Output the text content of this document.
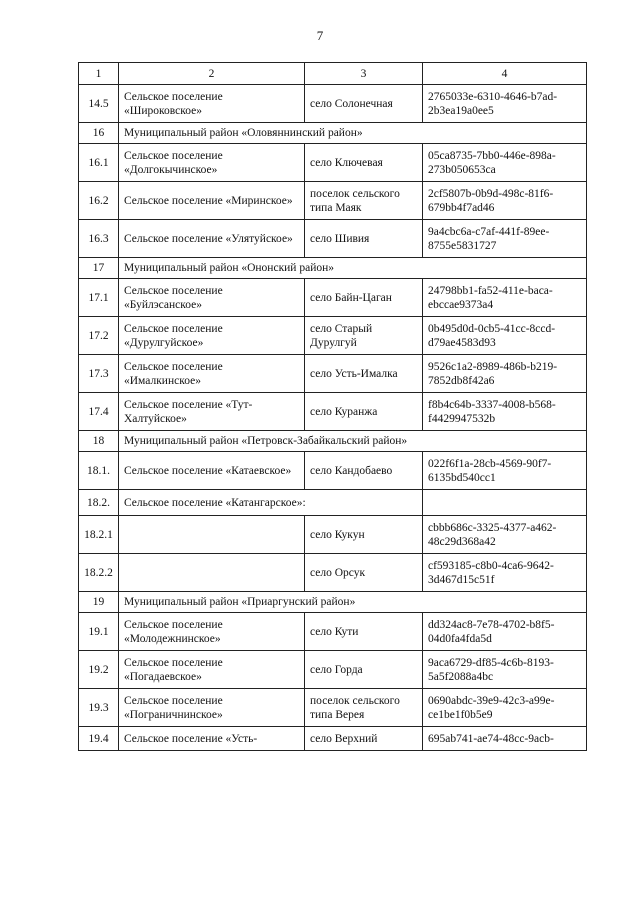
7
1	2	3	4
14.5	Сельское поселение «Широковское»	село Солонечная	2765033e-6310-4646-b7ad-2b3ea19a0ee5
16	Муниципальный район «Оловяннинский район»		
16.1	Сельское поселение «Долгокычинское»	село Ключевая	05ca8735-7bb0-446e-898a-273b050653ca
16.2	Сельское поселение «Миринское»	поселок сельского типа Маяк	2cf5807b-0b9d-498c-81f6-679bb4f7ad46
16.3	Сельское поселение «Улятуйское»	село Шивия	9a4cbc6a-c7af-441f-89ee-8755e5831727
17	Муниципальный район «Ононский район»		
17.1	Сельское поселение «Буйлэсанское»	село Байн-Цаган	24798bb1-fa52-411e-baca-ebccae9373a4
17.2	Сельское поселение «Дурулгуйское»	село Старый Дурулгуй	0b495d0d-0cb5-41cc-8ccd-d79ae4583d93
17.3	Сельское поселение «Ималкинское»	село Усть-Ималка	9526c1a2-8989-486b-b219-7852db8f42a6
17.4	Сельское поселение «Тут-Халтуйское»	село Куранжа	f8b4c64b-3337-4008-b568-f4429947532b
18	Муниципальный район «Петровск-Забайкальский район»		
18.1.	Сельское поселение «Катаевское»	село Кандобаево	022f6f1a-28cb-4569-90f7-6135bd540cc1
18.2.	Сельское поселение «Катангарское»:		
18.2.1		село Кукун	cbbb686c-3325-4377-a462-48c29d368a42
18.2.2		село Орсук	cf593185-c8b0-4ca6-9642-3d467d15c51f
19	Муниципальный район «Приаргунский район»		
19.1	Сельское поселение «Молодежнинское»	село Кути	dd324ac8-7e78-4702-b8f5-04d0fa4fda5d
19.2	Сельское поселение «Погадаевское»	село Горда	9aca6729-df85-4c6b-8193-5a5f2088a4bc
19.3	Сельское поселение «Пограничнинское»	поселок сельского типа Верея	0690abdc-39e9-42c3-a99e-ce1be1f0b5e9
19.4	Сельское поселение «Усть-	село Верхний	695ab741-ae74-48cc-9acb-
